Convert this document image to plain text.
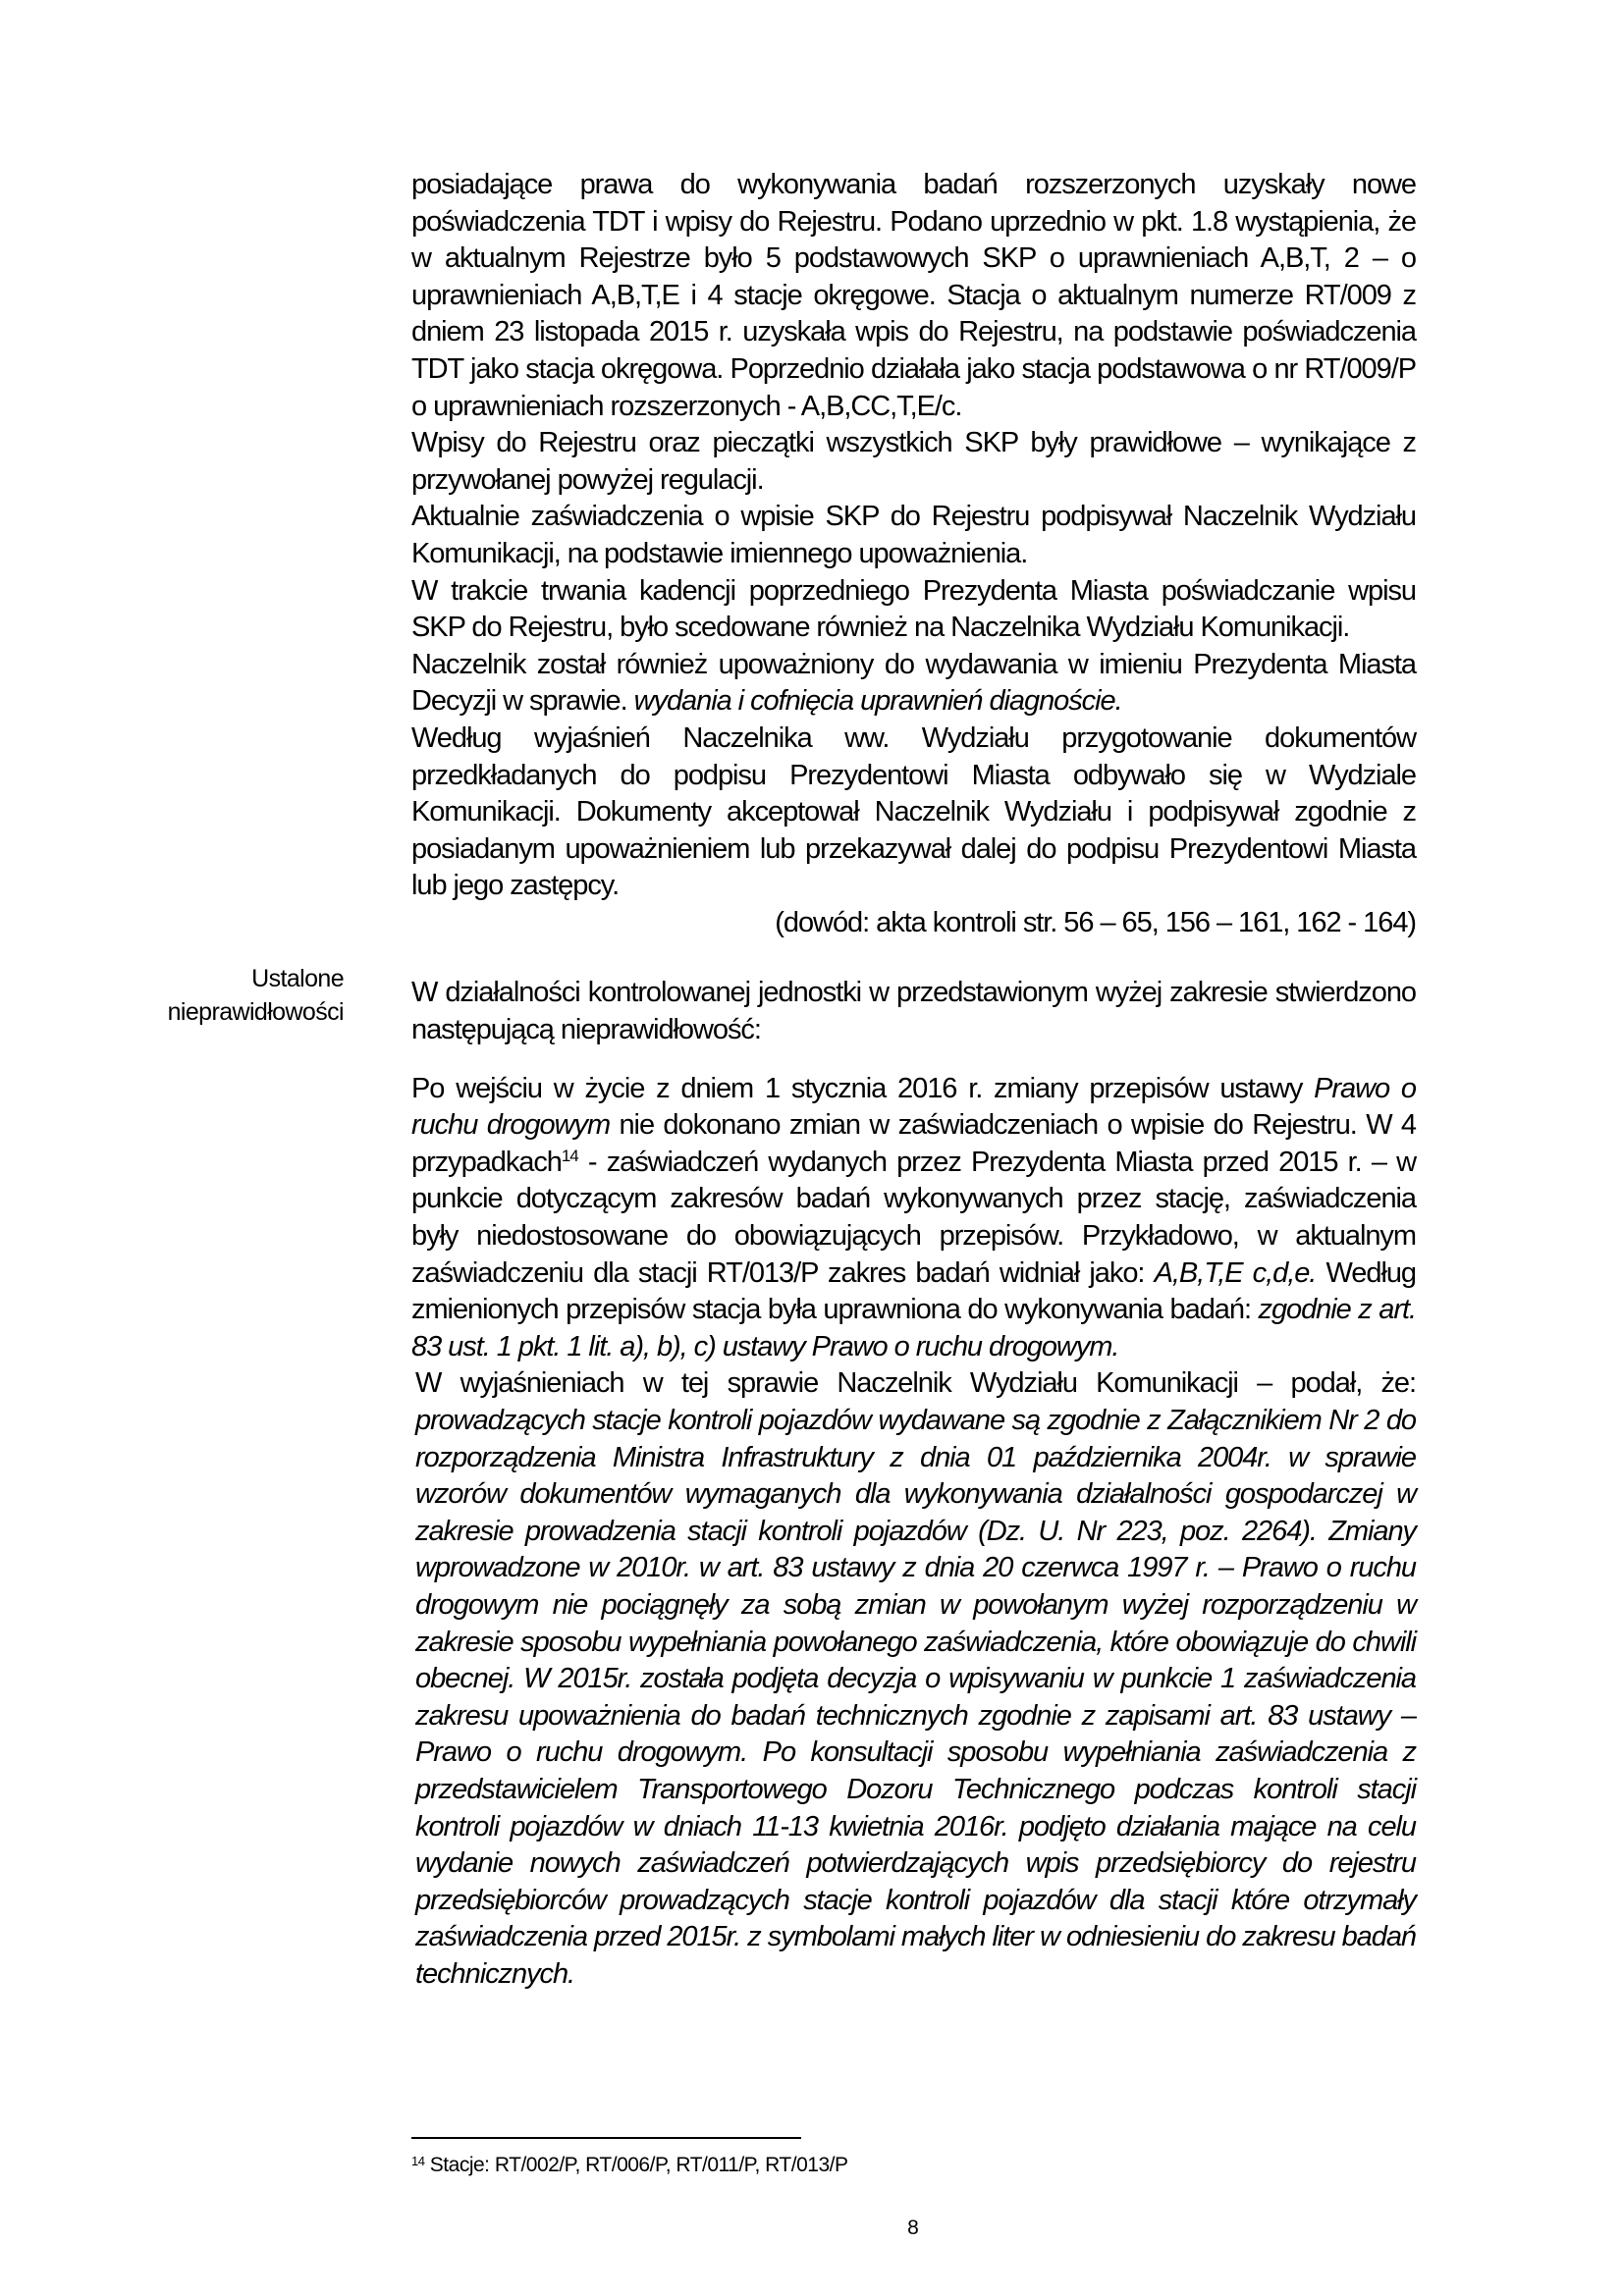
posiadające prawa do wykonywania badań rozszerzonych uzyskały nowe poświadczenia TDT i wpisy do Rejestru. Podano uprzednio w pkt. 1.8 wystąpienia, że w aktualnym Rejestrze było 5 podstawowych SKP o uprawnieniach A,B,T, 2 – o uprawnieniach A,B,T,E i 4 stacje okręgowe. Stacja o aktualnym numerze RT/009 z dniem 23 listopada 2015 r. uzyskała wpis do Rejestru, na podstawie poświadczenia TDT jako stacja okręgowa. Poprzednio działała jako stacja podstawowa o nr RT/009/P o uprawnieniach rozszerzonych - A,B,CC,T,E/c.

Wpisy do Rejestru oraz pieczątki wszystkich SKP były prawidłowe – wynikające z przywołanej powyżej regulacji.

Aktualnie zaświadczenia o wpisie SKP do Rejestru podpisywał Naczelnik Wydziału Komunikacji, na podstawie imiennego upoważnienia.

W trakcie trwania kadencji poprzedniego Prezydenta Miasta poświadczanie wpisu SKP do Rejestru, było scedowane również na Naczelnika Wydziału Komunikacji.

Naczelnik został również upoważniony do wydawania w imieniu Prezydenta Miasta Decyzji w sprawie. wydania i cofnięcia uprawnień diagnoście.

Według wyjaśnień Naczelnika ww. Wydziału przygotowanie dokumentów przedkładanych do podpisu Prezydentowi Miasta odbywało się w Wydziale Komunikacji. Dokumenty akceptował Naczelnik Wydziału i podpisywał zgodnie z posiadanym upoważnieniem lub przekazywał dalej do podpisu Prezydentowi Miasta lub jego zastępcy.

(dowód: akta kontroli str. 56 – 65, 156 – 161, 162 - 164)

W działalności kontrolowanej jednostki w przedstawionym wyżej zakresie stwierdzono następującą nieprawidłowość:

Po wejściu w życie z dniem 1 stycznia 2016 r. zmiany przepisów ustawy Prawo o ruchu drogowym nie dokonano zmian w zaświadczeniach o wpisie do Rejestru. W 4 przypadkach$^{14}$ - zaświadczeń wydanych przez Prezydenta Miasta przed 2015 r. – w punkcie dotyczącym zakresów badań wykonywanych przez stację, zaświadczenia były niedostosowane do obowiązujących przepisów. Przykładowo, w aktualnym zaświadczeniu dla stacji RT/013/P zakres badań widniał jako: A,B,T,E c,d,e. Według zmienionych przepisów stacja była uprawniona do wykonywania badań: zgodnie z art. 83 ust. 1 pkt. 1 lit. a), b), c) ustawy Prawo o ruchu drogowym.

W wyjaśnieniach w tej sprawie Naczelnik Wydziału Komunikacji – podał, że: prowadzących stacje kontroli pojazdów wydawane są zgodnie z Załącznikiem Nr 2 do rozporządzenia Ministra Infrastruktury z dnia 01 października 2004r. w sprawie wzorów dokumentów wymaganych dla wykonywania działalności gospodarczej w zakresie prowadzenia stacji kontroli pojazdów (Dz. U. Nr 223, poz. 2264). Zmiany wprowadzone w 2010r. w art. 83 ustawy z dnia 20 czerwca 1997 r. – Prawo o ruchu drogowym nie pociągnęły za sobą zmian w powołanym wyżej rozporządzeniu w zakresie sposobu wypełniania powołanego zaświadczenia, które obowiązuje do chwili obecnej. W 2015r. została podjęta decyzja o wpisywaniu w punkcie 1 zaświadczenia zakresu upoważnienia do badań technicznych zgodnie z zapisami art. 83 ustawy – Prawo o ruchu drogowym. Po konsultacji sposobu wypełniania zaświadczenia z przedstawicielem Transportowego Dozoru Technicznego podczas kontroli stacji kontroli pojazdów w dniach 11-13 kwietnia 2016r. podjęto działania mające na celu wydanie nowych zaświadczeń potwierdzających wpis przedsiębiorcy do rejestru przedsiębiorców prowadzących stacje kontroli pojazdów dla stacji które otrzymały zaświadczenia przed 2015r. z symbolami małych liter w odniesieniu do zakresu badań technicznych.

Ustalone
nieprawidłowości
$^{14}$ Stacje: RT/002/P, RT/006/P, RT/011/P, RT/013/P
8
